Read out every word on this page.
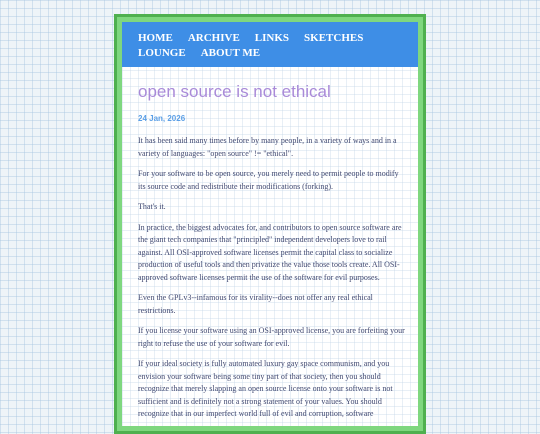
HOME ARCHIVE LINKS SKETCHESLOUNGE ABOUT ME
open source is not ethical
24 Jan, 2026

It has been said many times before by many people, in a variety of ways and in a variety of languages: "open source" != "ethical".

For your software to be open source, you merely need to permit people to modify its source code and redistribute their modifications (forking).

That's it.

In practice, the biggest advocates for, and contributors to open source software are the giant tech companies that "principled" independent developers love to rail against. All OSI-approved software licenses permit the capital class to socialize production of useful tools and then privatize the value those tools create. All OSI-approved software licenses permit the use of the software for evil purposes.

Even the GPLv3--infamous for its virality--does not offer any real ethical restrictions.

If you license your software using an OSI-approved license, you are forfeiting your right to refuse the use of your software for evil.

If your ideal society is fully automated luxury gay space communism, and you envision your software being some tiny part of that society, then you should recognize that merely slapping an open source license onto your software is not sufficient and is definitely not a strong statement of your values. You should recognize that in our imperfect world full of evil and corruption, software
